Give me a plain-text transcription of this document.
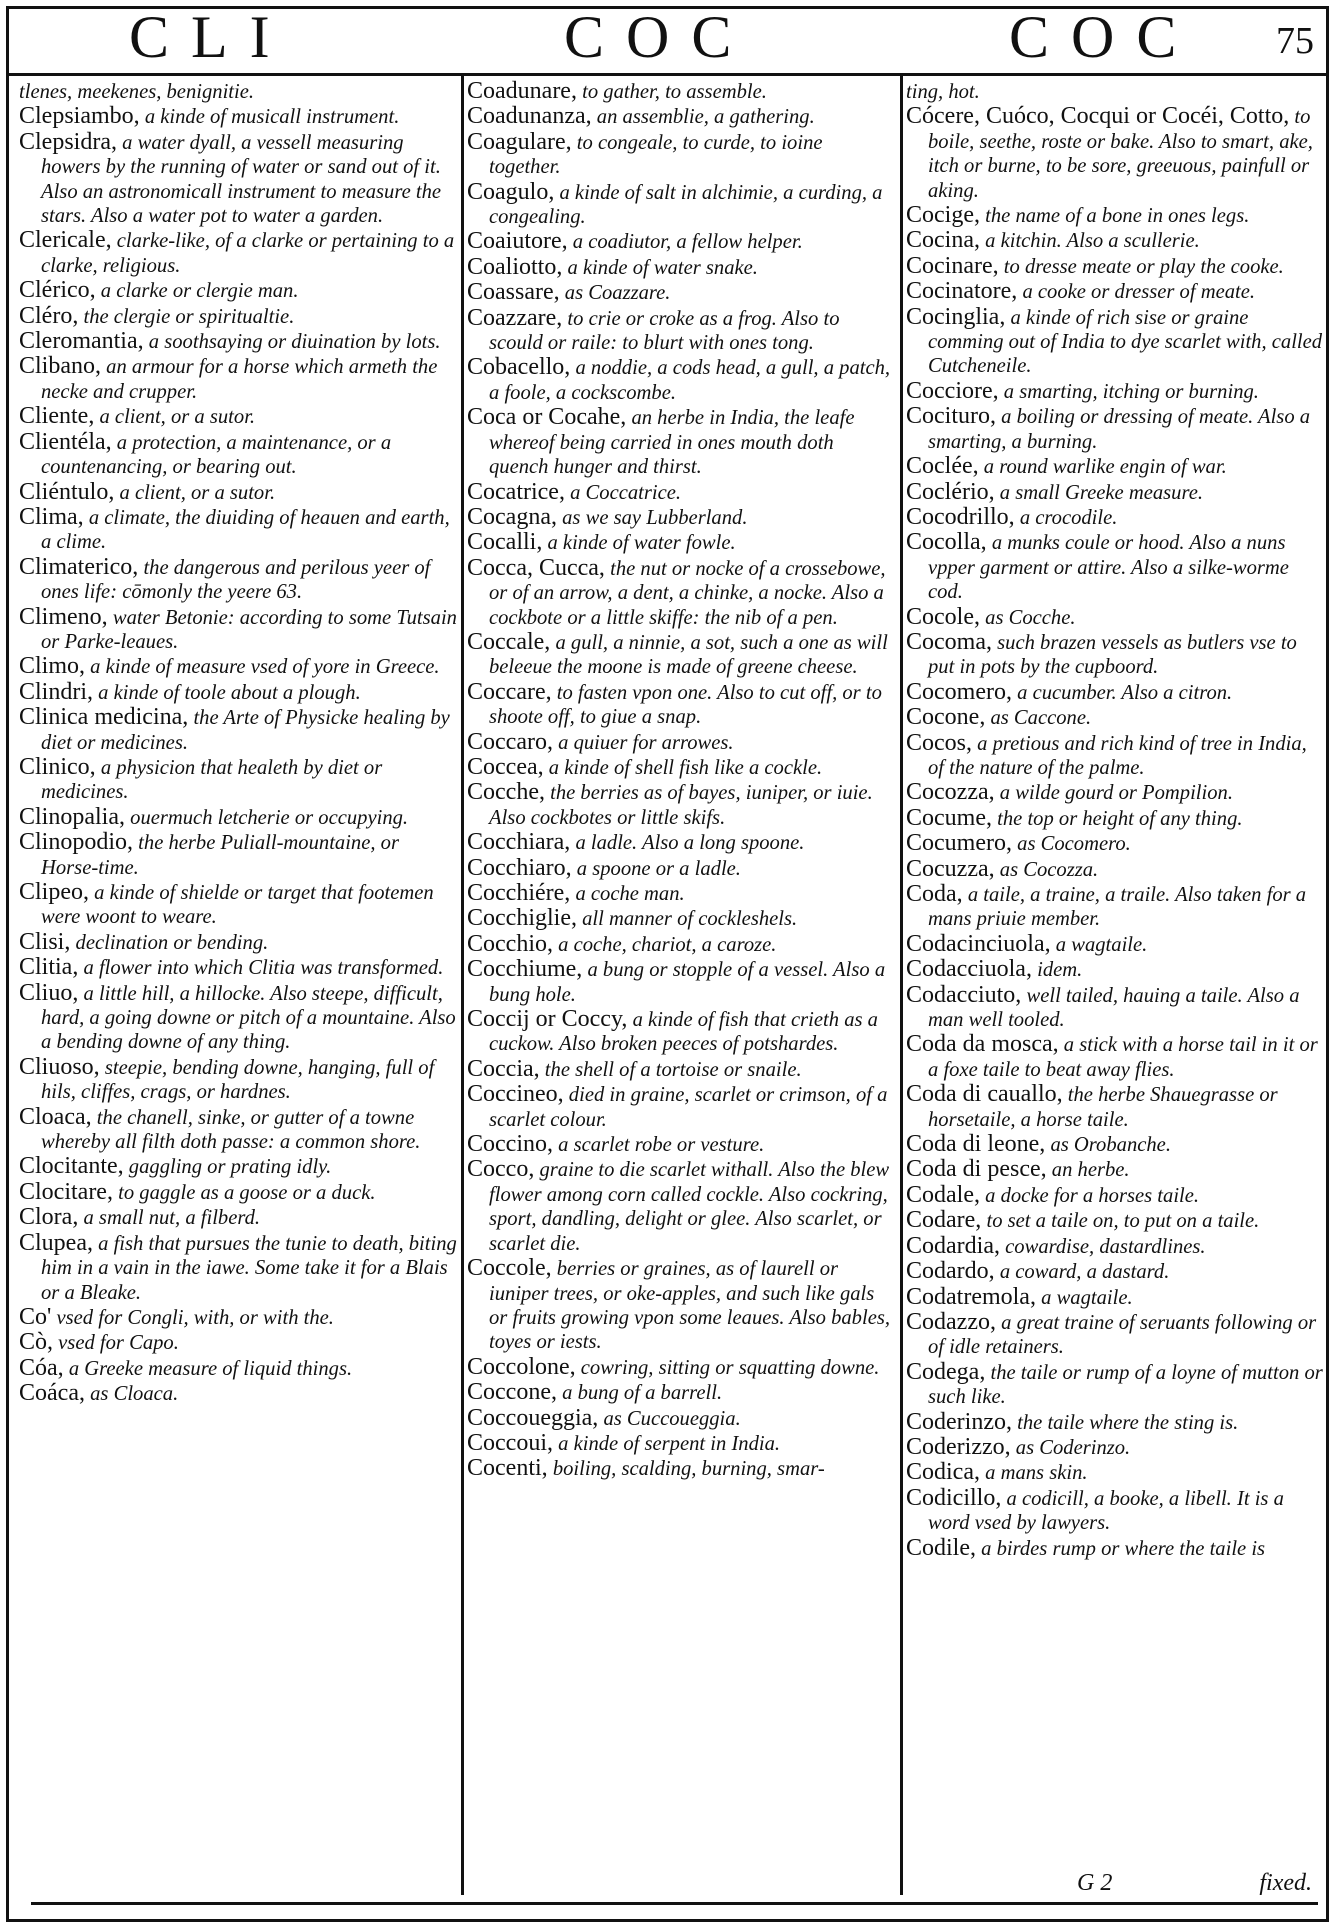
CLI	COC	COC 75

tlenes, meekenes, benignitie.

Clepsiambo, a kinde of musicall instrument.

Clepsidra, a water dyall, a vessell measuring howers by the running of water or sand out of it. Also an astronomicall instrument to measure the stars. Also a water pot to water a garden.

Clericale, clarke-like, of a clarke or pertaining to a clarke, religious.

Clérico, a clarke or clergie man.

Cléro, the clergie or spiritualtie.

Cleromantia, a soothsaying or diuination by lots.

Clibano, an armour for a horse which armeth the necke and crupper.

Cliente, a client, or a sutor.

Clientéla, a protection, a maintenance, or a countenancing, or bearing out.

Cliéntulo, a client, or a sutor.

Clima, a climate, the diuiding of heauen and earth, a clime.

Climaterico, the dangerous and perilous yeer of ones life: cōmonly the yeere 63.

Climeno, water Betonie: according to some Tutsain or Parke-leaues.

Climo, a kinde of measure vsed of yore in Greece.

Clindri, a kinde of toole about a plough.

Clinica medicina, the Arte of Physicke healing by diet or medicines.

Clinico, a physicion that healeth by diet or medicines.

Clinopalia, ouermuch letcherie or occupying.

Clinopodio, the herbe Puliall-mountaine, or Horse-time.

Clipeo, a kinde of shielde or target that footemen were woont to weare.

Clisi, declination or bending.

Clitia, a flower into which Clitia was transformed.

Cliuo, a little hill, a hillocke. Also steepe, difficult, hard, a going downe or pitch of a mountaine. Also a bending downe of any thing.

Cliuoso, steepie, bending downe, hanging, full of hils, cliffes, crags, or hardnes.

Cloaca, the chanell, sinke, or gutter of a towne whereby all filth doth passe: a common shore.

Clocitante, gaggling or prating idly.

Clocitare, to gaggle as a goose or a duck.

Clora, a small nut, a filberd.

Clupea, a fish that pursues the tunie to death, biting him in a vain in the iawe. Some take it for a Blais or a Bleake.

Co' vsed for Congli, with, or with the.

Cò, vsed for Capo.

Cóa, a Greeke measure of liquid things.

Coáca, as Cloaca.

Coadunare, to gather, to assemble.

Coadunanza, an assemblie, a gathering.

Coagulare, to congeale, to curde, to ioine together.

Coagulo, a kinde of salt in alchimie, a curding, a congealing.

Coaiutore, a coadiutor, a fellow helper.

Coaliotto, a kinde of water snake.

Coassare, as Coazzare.

Coazzare, to crie or croke as a frog. Also to scould or raile: to blurt with ones tong.

Cobacello, a noddie, a cods head, a gull, a patch, a foole, a cockscombe.

Coca or Cocahe, an herbe in India, the leafe whereof being carried in ones mouth doth quench hunger and thirst.

Cocatrice, a Coccatrice.

Cocagna, as we say Lubberland.

Cocalli, a kinde of water fowle.

Cocca, Cucca, the nut or nocke of a crossebowe, or of an arrow, a dent, a chinke, a nocke. Also a cockbote or a little skiffe: the nib of a pen.

Coccale, a gull, a ninnie, a sot, such a one as will beleeue the moone is made of greene cheese.

Coccare, to fasten vpon one. Also to cut off, or to shoote off, to giue a snap.

Coccaro, a quiuer for arrowes.

Coccea, a kinde of shell fish like a cockle.

Cocche, the berries as of bayes, iuniper, or iuie. Also cockbotes or little skifs.

Cocchiara, a ladle. Also a long spoone.

Cocchiaro, a spoone or a ladle.

Cocchiére, a coche man.

Cocchiglie, all manner of cockleshels.

Cocchio, a coche, chariot, a caroze.

Cocchiume, a bung or stopple of a vessel. Also a bung hole.

Coccij or Coccy, a kinde of fish that crieth as a cuckow. Also broken peeces of potshardes.

Coccia, the shell of a tortoise or snaile.

Coccineo, died in graine, scarlet or crimson, of a scarlet colour.

Coccino, a scarlet robe or vesture.

Cocco, graine to die scarlet withall. Also the blew flower among corn called cockle. Also cockring, sport, dandling, delight or glee. Also scarlet, or scarlet die.

Coccole, berries or graines, as of laurell or iuniper trees, or oke-apples, and such like gals or fruits growing vpon some leaues. Also bables, toyes or iests.

Coccolone, cowring, sitting or squatting downe.

Coccone, a bung of a barrell.

Coccoueggia, as Cuccoueggia.

Coccoui, a kinde of serpent in India.

Cocenti, boiling, scalding, burning, smar-

ting, hot.

Cócere, Cuóco, Cocqui or Cocéi, Cotto, to boile, seethe, roste or bake. Also to smart, ake, itch or burne, to be sore, greeuous, painfull or aking.

Cocige, the name of a bone in ones legs.

Cocina, a kitchin. Also a scullerie.

Cocinare, to dresse meate or play the cooke.

Cocinatore, a cooke or dresser of meate.

Cocinglia, a kinde of rich sise or graine comming out of India to dye scarlet with, called Cutcheneile.

Cocciore, a smarting, itching or burning.

Cocituro, a boiling or dressing of meate. Also a smarting, a burning.

Coclée, a round warlike engin of war.

Coclério, a small Greeke measure.

Cocodrillo, a crocodile.

Cocolla, a munks coule or hood. Also a nuns vpper garment or attire. Also a silke-worme cod.

Cocole, as Cocche.

Cocoma, such brazen vessels as butlers vse to put in pots by the cupboord.

Cocomero, a cucumber. Also a citron.

Cocone, as Caccone.

Cocos, a pretious and rich kind of tree in India, of the nature of the palme.

Cocozza, a wilde gourd or Pompilion.

Cocume, the top or height of any thing.

Cocumero, as Cocomero.

Cocuzza, as Cocozza.

Coda, a taile, a traine, a traile. Also taken for a mans priuie member.

Codacinciuola, a wagtaile.

Codacciuola, idem.

Codacciuto, well tailed, hauing a taile. Also a man well tooled.

Coda da mosca, a stick with a horse tail in it or a foxe taile to beat away flies.

Coda di cauallo, the herbe Shauegrasse or horsetaile, a horse taile.

Coda di leone, as Orobanche.

Coda di pesce, an herbe.

Codale, a docke for a horses taile.

Codare, to set a taile on, to put on a taile.

Codardia, cowardise, dastardlines.

Codardo, a coward, a dastard.

Codatremola, a wagtaile.

Codazzo, a great traine of seruants following or of idle retainers.

Codega, the taile or rump of a loyne of mutton or such like.

Coderinzo, the taile where the sting is.

Coderizzo, as Coderinzo.

Codica, a mans skin.

Codicillo, a codicill, a booke, a libell. It is a word vsed by lawyers.

Codile, a birdes rump or where the taile is

G 2	fixed.
